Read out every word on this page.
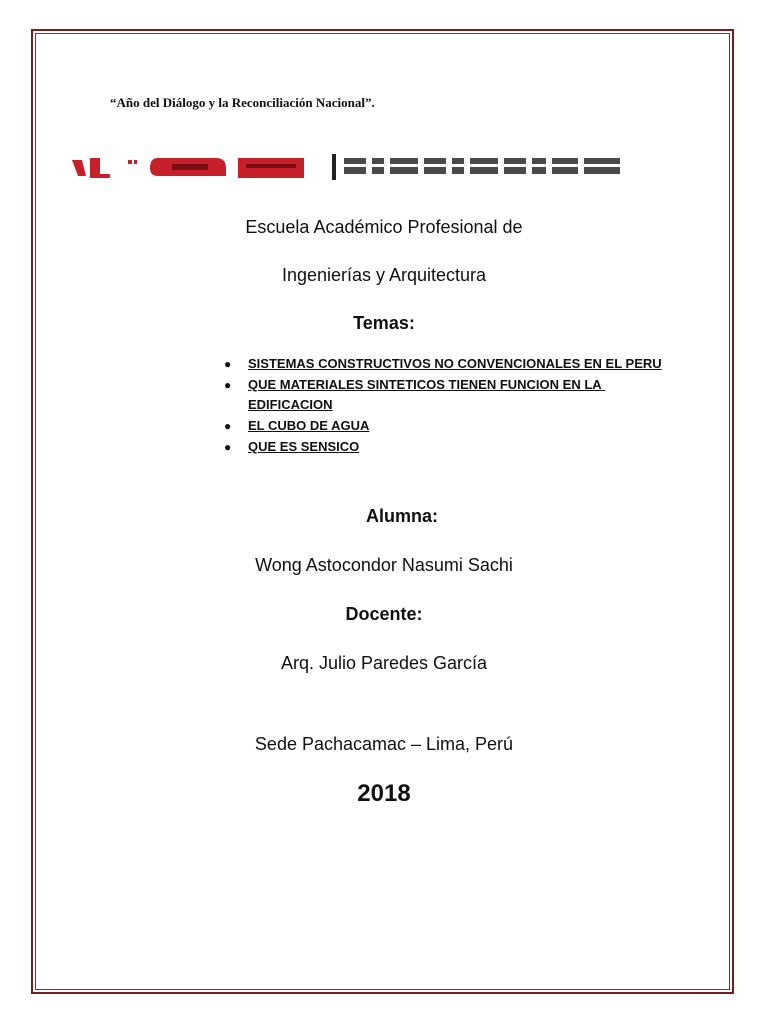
“Año del Diálogo y la Reconciliación Nacional”.
Escuela Académico Profesional de
Ingenierías y Arquitectura
Temas:
● SISTEMAS CONSTRUCTIVOS NO CONVENCIONALES EN EL PERU
● QUE MATERIALES SINTETICOS TIENEN FUNCION EN LA EDIFICACION
● EL CUBO DE AGUA
● QUE ES SENSICO
Alumna:
Wong Astocondor Nasumi Sachi
Docente:
Arq. Julio Paredes García
Sede Pachacamac – Lima, Perú
2018
